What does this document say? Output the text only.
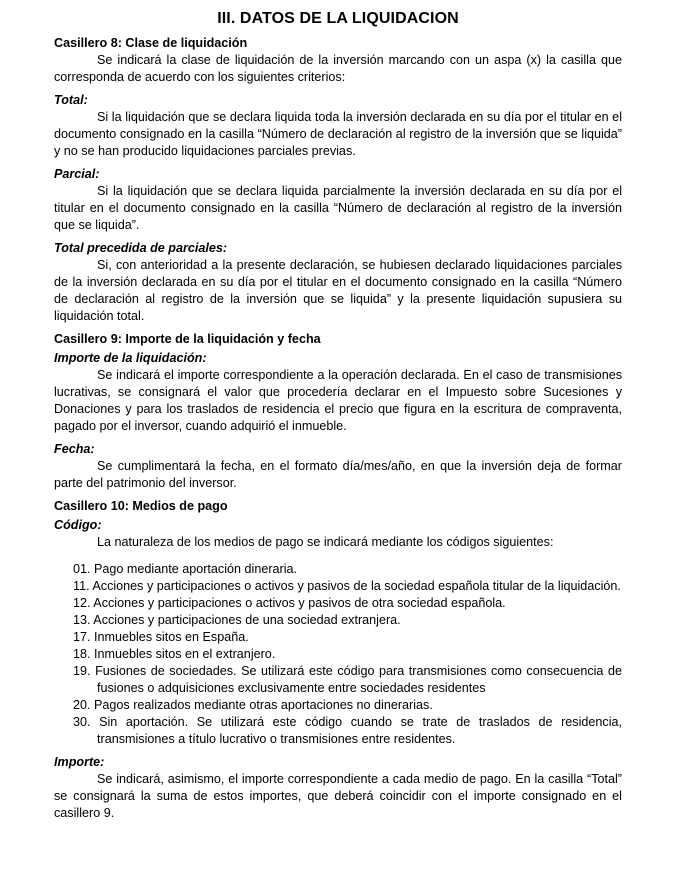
III. DATOS DE LA LIQUIDACION
Casillero 8: Clase de liquidación
Se indicará la clase de liquidación de la inversión marcando con un aspa (x) la casilla que corresponda de acuerdo con los siguientes criterios:
Total:
Si la liquidación que se declara liquida toda la inversión declarada en su día por el titular en el documento consignado en la casilla “Número de declaración al registro de la inversión que se liquida” y no se han producido liquidaciones parciales previas.
Parcial:
Si la liquidación que se declara liquida parcialmente la inversión declarada en su día por el titular en el documento consignado en la casilla “Número de declaración al registro de la inversión que se liquida”.
Total precedida de parciales:
Si, con anterioridad a la presente declaración, se hubiesen declarado liquidaciones parciales de la inversión declarada en su día por el titular en el documento consignado en la casilla “Número de declaración al registro de la inversión que se liquida” y la presente liquidación supusiera su liquidación total.
Casillero 9: Importe de la liquidación y fecha
Importe de la liquidación:
Se indicará el importe correspondiente a la operación declarada. En el caso de transmisiones lucrativas, se consignará el valor que procedería declarar en el Impuesto sobre Sucesiones y Donaciones y para los traslados de residencia el precio que figura en la escritura de compraventa, pagado por el inversor, cuando adquirió el inmueble.
Fecha:
Se cumplimentará la fecha, en el formato día/mes/año, en que la inversión deja de formar parte del patrimonio del inversor.
Casillero 10: Medios de pago
Código:
La naturaleza de los medios de pago se indicará mediante los códigos siguientes:
01. Pago mediante aportación dineraria.
11. Acciones y participaciones o activos y pasivos de la sociedad española titular de la liquidación.
12. Acciones y participaciones o activos y pasivos de otra sociedad española.
13. Acciones y participaciones de una sociedad extranjera.
17. Inmuebles sitos en España.
18. Inmuebles sitos en el extranjero.
19. Fusiones de sociedades. Se utilizará este código para transmisiones como consecuencia de fusiones o adquisiciones exclusivamente entre sociedades residentes
20. Pagos realizados mediante otras aportaciones no dinerarias.
30. Sin aportación. Se utilizará este código cuando se trate de traslados de residencia, transmisiones a título lucrativo o transmisiones entre residentes.
Importe:
Se indicará, asimismo, el importe correspondiente a cada medio de pago. En la casilla “Total” se consignará la suma de estos importes, que deberá coincidir con el importe consignado en el casillero 9.
